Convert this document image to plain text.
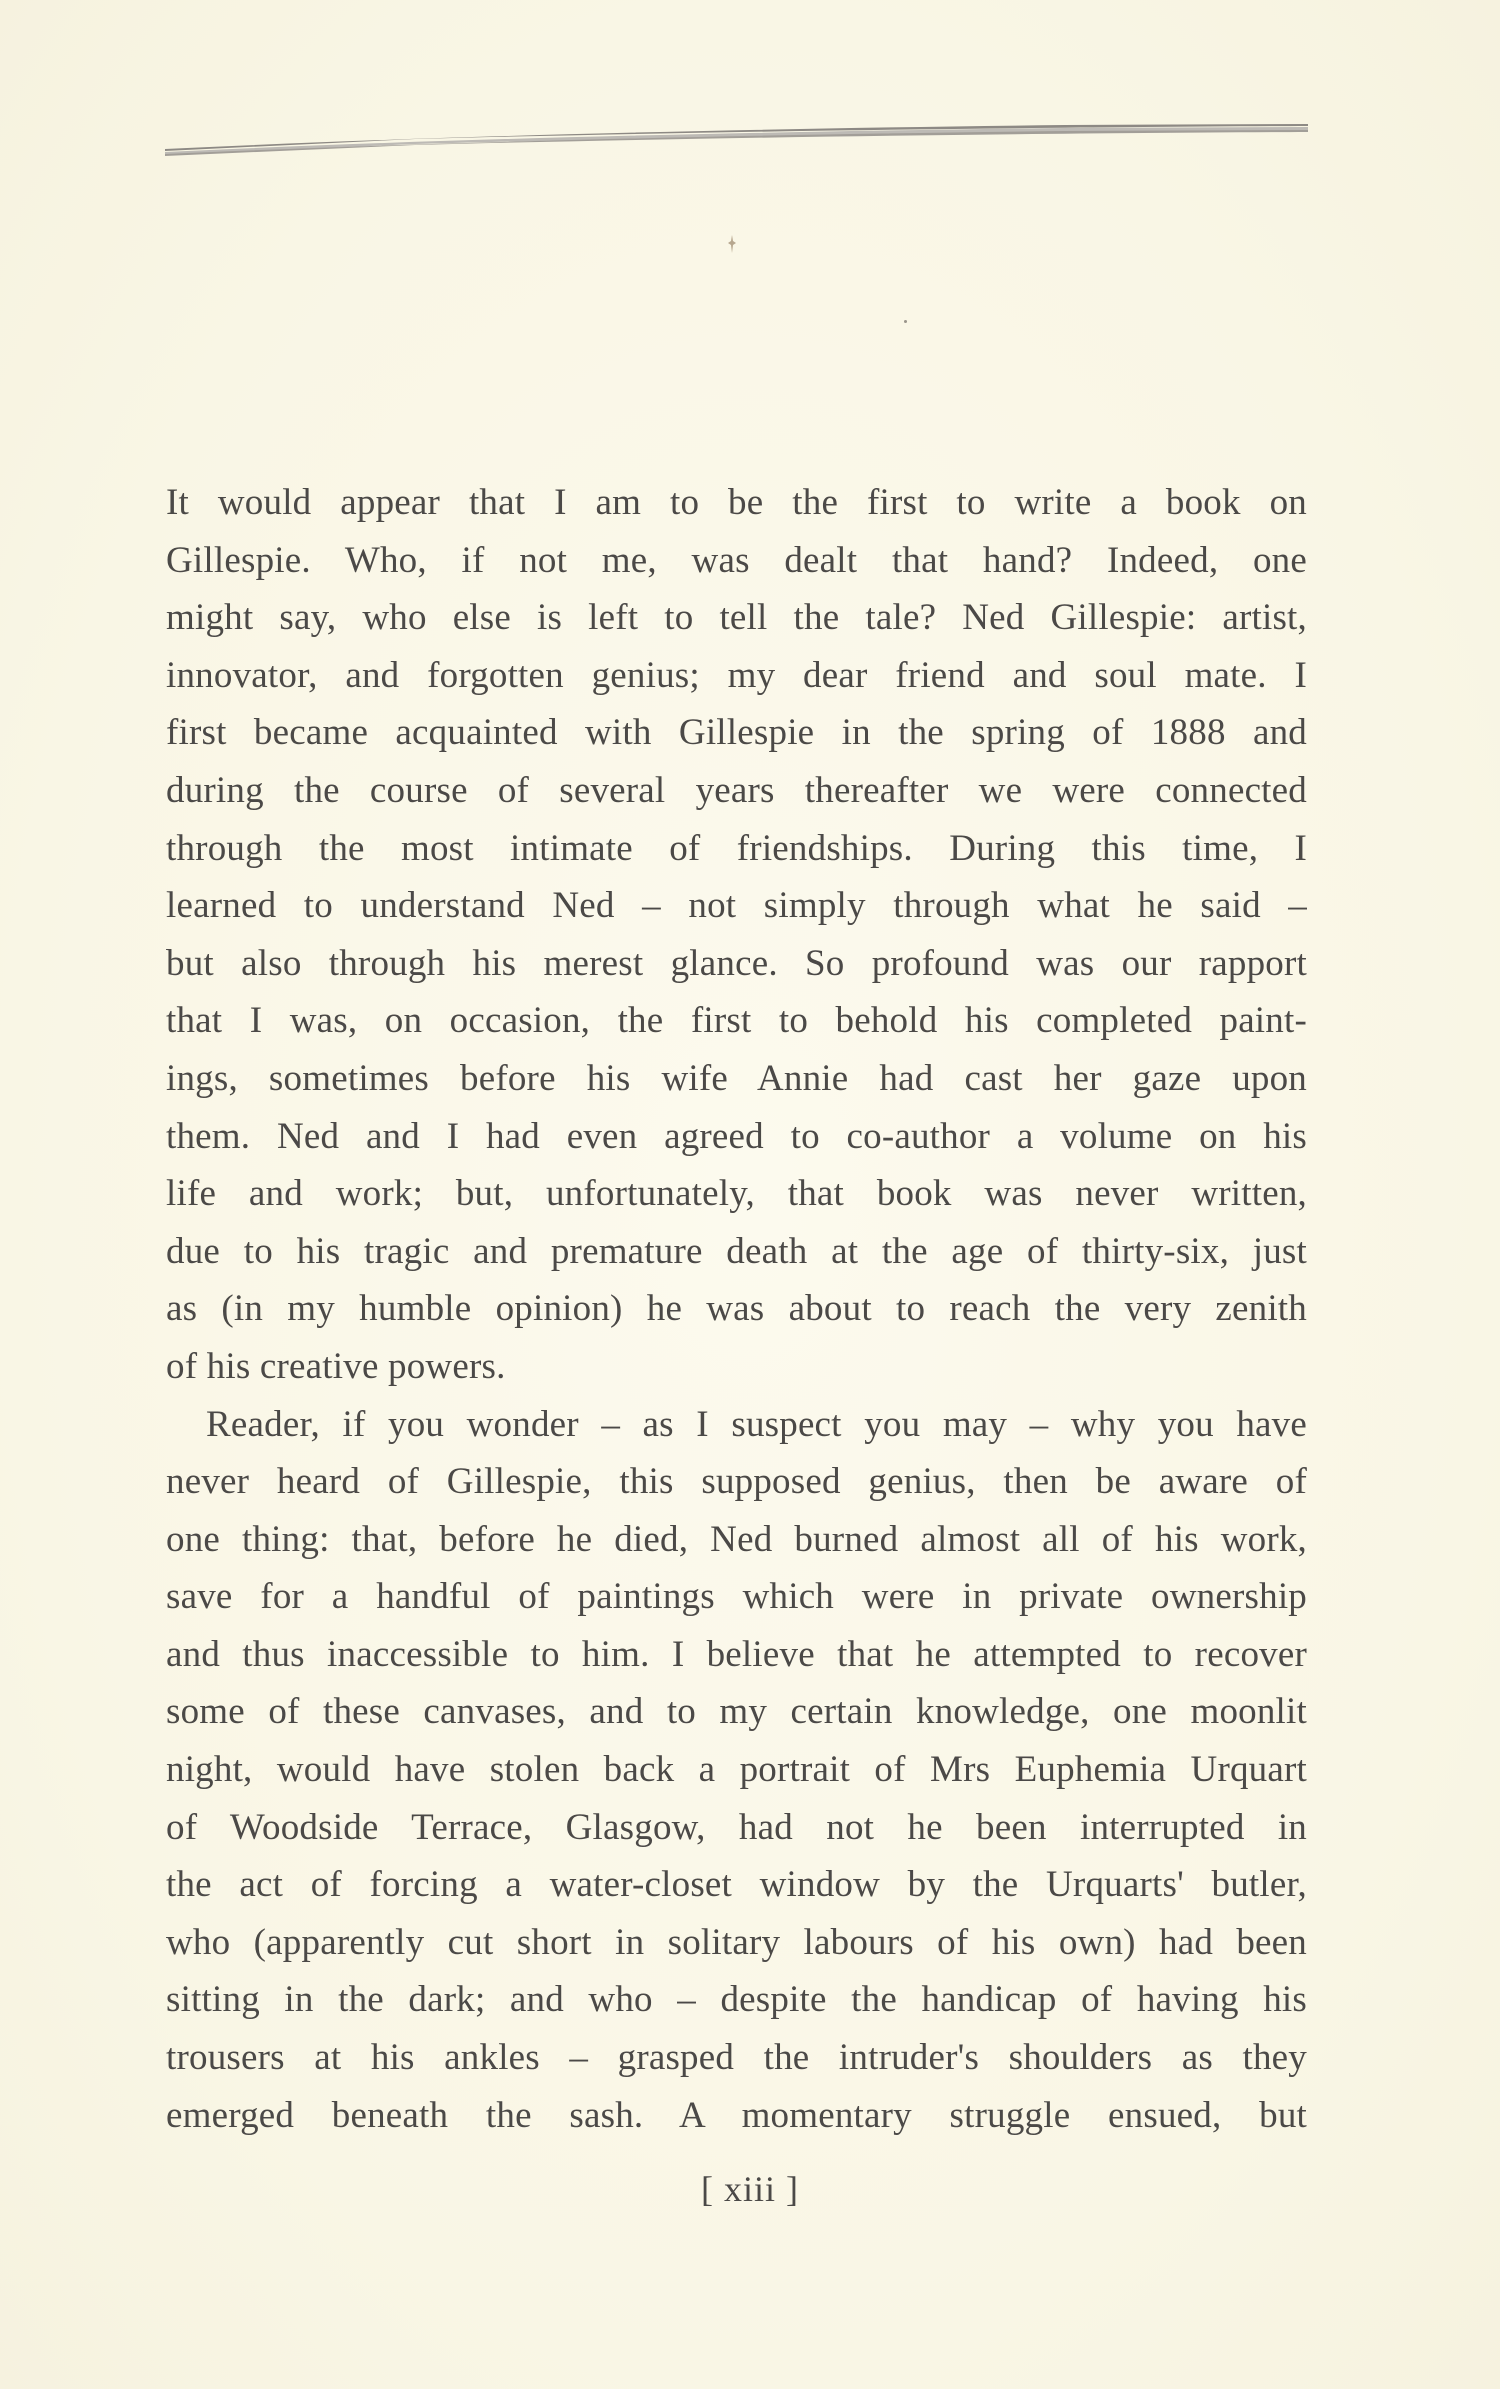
It would appear that I am to be the first to write a book on
Gillespie. Who, if not me, was dealt that hand? Indeed, one
might say, who else is left to tell the tale? Ned Gillespie: artist,
innovator, and forgotten genius; my dear friend and soul mate. I
first became acquainted with Gillespie in the spring of 1888 and
during the course of several years thereafter we were connected
through the most intimate of friendships. During this time, I
learned to understand Ned – not simply through what he said –
but also through his merest glance. So profound was our rapport
that I was, on occasion, the first to behold his completed paint-
ings, sometimes before his wife Annie had cast her gaze upon
them. Ned and I had even agreed to co-author a volume on his
life and work; but, unfortunately, that book was never written,
due to his tragic and premature death at the age of thirty-six, just
as (in my humble opinion) he was about to reach the very zenith
of his creative powers.
Reader, if you wonder – as I suspect you may – why you have
never heard of Gillespie, this supposed genius, then be aware of
one thing: that, before he died, Ned burned almost all of his work,
save for a handful of paintings which were in private ownership
and thus inaccessible to him. I believe that he attempted to recover
some of these canvases, and to my certain knowledge, one moonlit
night, would have stolen back a portrait of Mrs Euphemia Urquart
of Woodside Terrace, Glasgow, had not he been interrupted in
the act of forcing a water-closet window by the Urquarts' butler,
who (apparently cut short in solitary labours of his own) had been
sitting in the dark; and who – despite the handicap of having his
trousers at his ankles – grasped the intruder's shoulders as they
emerged beneath the sash. A momentary struggle ensued, but
[ xiii ]
